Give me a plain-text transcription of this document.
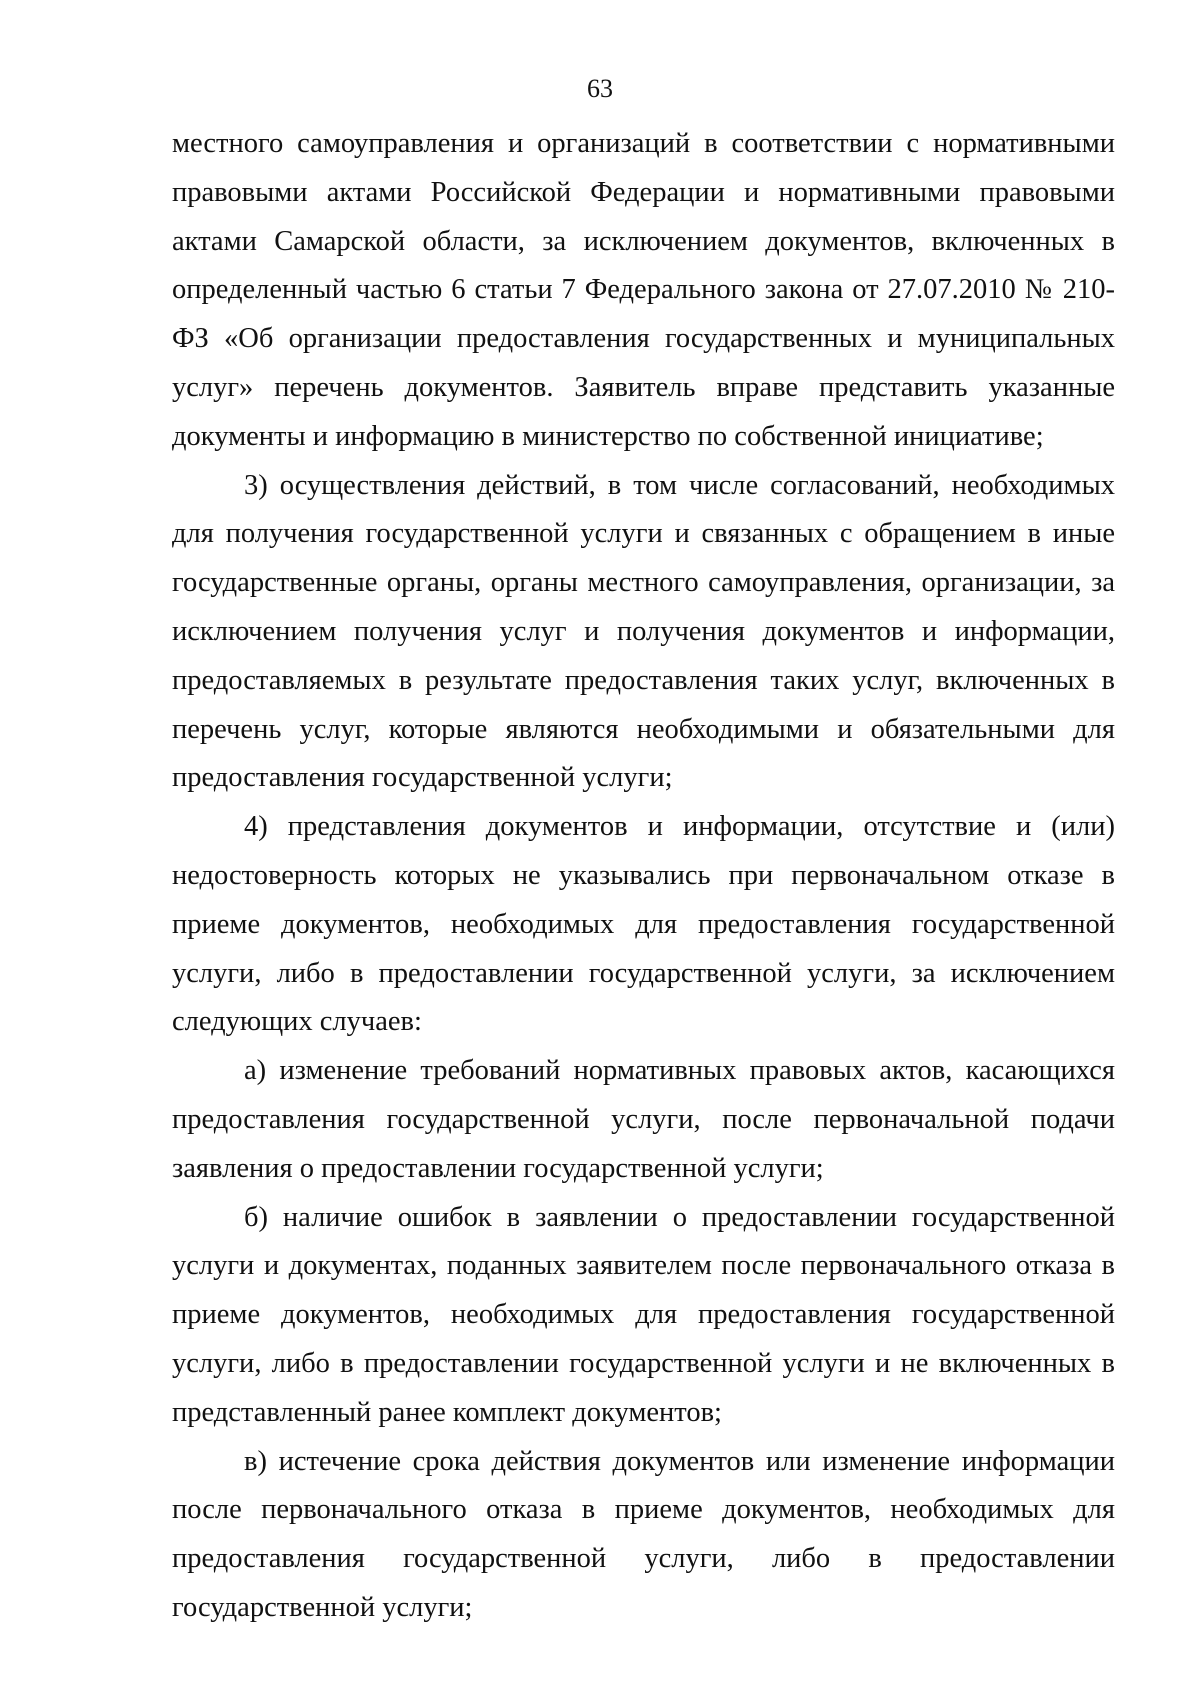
63

местного самоуправления и организаций в соответствии с нормативными правовыми актами Российской Федерации и нормативными правовыми актами Самарской области, за исключением документов, включенных в определенный частью 6 статьи 7 Федерального закона от 27.07.2010 № 210-ФЗ «Об организации предоставления государственных и муниципальных услуг» перечень документов. Заявитель вправе представить указанные документы и информацию в министерство по собственной инициативе;

3) осуществления действий, в том числе согласований, необходимых для получения государственной услуги и связанных с обращением в иные государственные органы, органы местного самоуправления, организации, за исключением получения услуг и получения документов и информации, предоставляемых в результате предоставления таких услуг, включенных в перечень услуг, которые являются необходимыми и обязательными для предоставления государственной услуги;

4) представления документов и информации, отсутствие и (или) недостоверность которых не указывались при первоначальном отказе в приеме документов, необходимых для предоставления государственной услуги, либо в предоставлении государственной услуги, за исключением следующих случаев:

а) изменение требований нормативных правовых актов, касающихся предоставления государственной услуги, после первоначальной подачи заявления о предоставлении государственной услуги;

б) наличие ошибок в заявлении о предоставлении государственной услуги и документах, поданных заявителем после первоначального отказа в приеме документов, необходимых для предоставления государственной услуги, либо в предоставлении государственной услуги и не включенных в представленный ранее комплект документов;

в) истечение срока действия документов или изменение информации после первоначального отказа в приеме документов, необходимых для предоставления государственной услуги, либо в предоставлении

государственной услуги;
